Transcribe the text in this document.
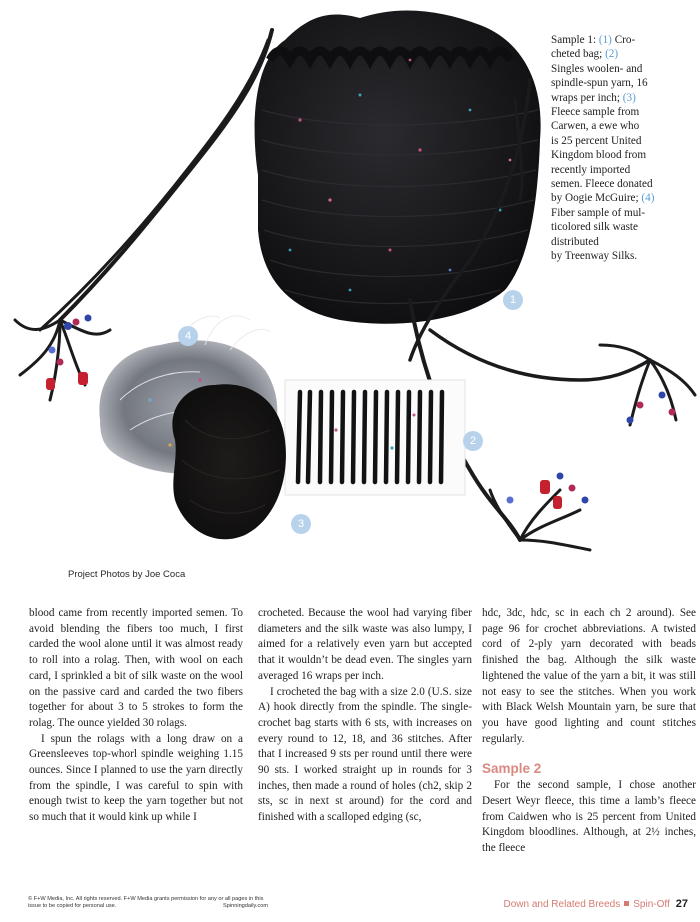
Sample 1: (1) Cro-
cheted bag; (2)
Singles woolen- and
spindle-spun yarn, 16
wraps per inch; (3)
Fleece sample from
Carwen, a ewe who
is 25 percent United
Kingdom blood from
recently imported
semen. Fleece donated
by Oogie McGuire; (4)
Fiber sample of mul-
ticolored silk waste
distributed
by Treenway Silks.
1
2
3
4
Project Photos by Joe Coca

blood came from recently imported semen. To avoid blending the fibers too much, I first carded the wool alone until it was almost ready to roll into a rolag. Then, with wool on each card, I sprinkled a bit of silk waste on the wool on the passive card and carded the two fibers together for about 3 to 5 strokes to form the rolag. The ounce yielded 30 rolags.

I spun the rolags with a long draw on a Greensleeves top-whorl spindle weighing 1.15 ounces. Since I planned to use the yarn directly from the spindle, I was careful to spin with enough twist to keep the yarn together but not so much that it would kink up while I

crocheted. Because the wool had varying fiber diameters and the silk waste was also lumpy, I aimed for a relatively even yarn but accepted that it wouldn’t be dead even. The singles yarn averaged 16 wraps per inch.

I crocheted the bag with a size 2.0 (U.S. size A) hook directly from the spindle. The single-crochet bag starts with 6 sts, with increases on every round to 12, 18, and 36 stitches. After that I increased 9 sts per round until there were 90 sts. I worked straight up in rounds for 3 inches, then made a round of holes (ch2, skip 2 sts, sc in next st around) for the cord and finished with a scalloped edging (sc,

hdc, 3dc, hdc, sc in each ch 2 around). See page 96 for crochet abbreviations. A twisted cord of 2-ply yarn decorated with beads finished the bag. Although the silk waste lightened the value of the yarn a bit, it was still not easy to see the stitches. When you work with Black Welsh Mountain yarn, be sure that you have good lighting and count stitches regularly.

Sample 2

For the second sample, I chose another Desert Weyr fleece, this time a lamb’s fleece from Caidwen who is 25 percent from United Kingdom bloodlines. Although, at 2½ inches, the fleece

© F+W Media, Inc. All rights reserved. F+W Media grants permission for any or all pages in this issue to be copied for personal use.	Spinningdaily.com	Down and Related Breeds Spin-Off 27
